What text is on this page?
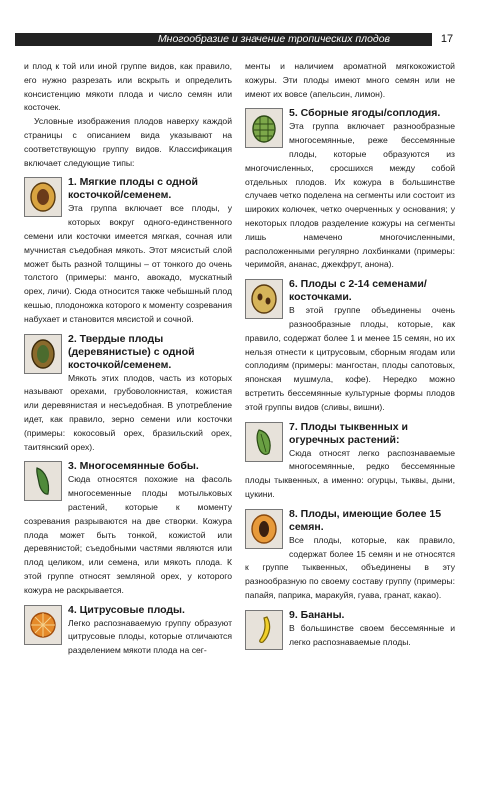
Многообразие и значение тропических плодов	17

и плод к той или иной группе видов, как правило, его нужно разрезать или вскрыть и определить консистенцию мякоти плода и число семян или косточек.

Условные изображения плодов наверху каждой страницы с описанием вида указывают на соответствующую группу видов. Классификация включает следующие типы:

1. Мягкие плоды с одной косточкой/семенем.

Эта группа включает все плоды, у которых вокруг одного-единственного семени или косточки имеется мягкая, сочная или мучнистая съедобная мякоть. Этот мясистый слой может быть разной толщины – от тонкого до очень толстого (примеры: манго, авокадо, мускатный орех, личи). Сюда относится также чебышный плод кешью, плодоножка которого к моменту созревания набухает и становится мясистой и сочной.

2. Твердые плоды (деревянистые) с одной косточкой/семенем.

Мякоть этих плодов, часть из которых называют орехами, грубоволокнистая, кожистая или деревянистая и несъедобная. В употребление идет, как правило, зерно семени или косточки (примеры: кокосовый орех, бразильский орех, таитянский орех).

3. Многосемянные бобы.

Сюда относятся похожие на фасоль многосеменные плоды мотыльковых растений, которые к моменту созревания разрываются на две створки. Кожура плода может быть тонкой, кожистой или деревянистой; съедобными частями являются или плод целиком, или семена, или мякоть плода. К этой группе относят земляной орех, у которого кожура не раскрывается.

4. Цитрусовые плоды.

Легко распознаваемую группу образуют цитрусовые плоды, которые отличаются разделением мякоти плода на сег-

менты и наличием ароматной мягкокожистой кожуры. Эти плоды имеют много семян или не имеют их вовсе (апельсин, лимон).

5. Сборные ягоды/соплодия.

Эта группа включает разнообразные многосемянные, реже бессемянные плоды, которые образуются из многочисленных, сросшихся между собой отдельных плодов. Их кожура в большинстве случаев четко поделена на сегменты или состоит из широких колючек, четко очерченных у основания; у некоторых плодов разделение кожуры на сегменты лишь намечено многочисленными, расположенными регулярно лохбинками (примеры: черимойя, ананас, джекфрут, анона).

6. Плоды с 2-14 семенами/косточками.

В этой группе объединены очень разнообразные плоды, которые, как правило, содержат более 1 и менее 15 семян, но их нельзя отнести к цитрусовым, сборным ягодам или соплодиям (примеры: мангостан, плоды сапотовых, японская мушмула, кофе). Нередко можно встретить бессемянные культурные формы плодов этой группы видов (сливы, вишни).

7. Плоды тыквенных и огуречных растений:

Сюда относят легко распознаваемые многосемянные, редко бессемянные плоды тыквенных, а именно: огурцы, тыквы, дыни, цукини.

8. Плоды, имеющие более 15 семян.

Все плоды, которые, как правило, содержат более 15 семян и не относятся к группе тыквенных, объединены в эту разнообразную по своему составу группу (примеры: папайя, паприка, маракуйя, гуава, гранат, какао).

9. Бананы.

В большинстве своем бессемянные и легко распознаваемые плоды.
